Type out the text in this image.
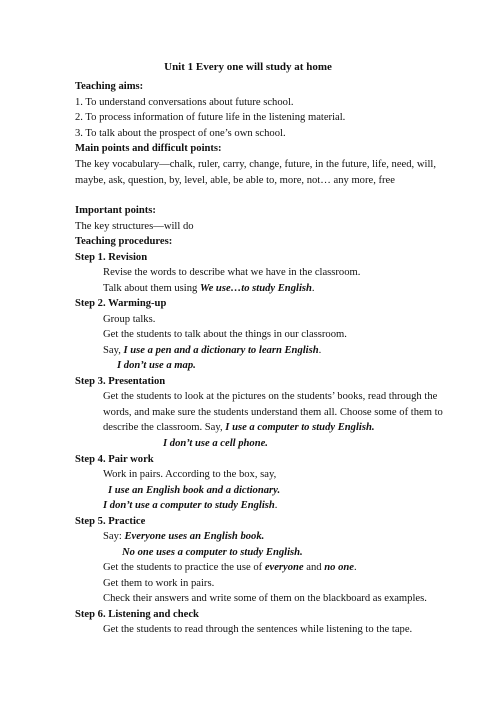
Unit 1 Every one will study at home
Teaching aims:
1. To understand conversations about future school.
2. To process information of future life in the listening material.
3. To talk about the prospect of one’s own school.
Main points and difficult points:
The key vocabulary—chalk, ruler, carry, change, future, in the future, life, need, will, maybe, ask, question, by, level, able, be able to, more, not… any more, free
Important points:
The key structures—will do
Teaching procedures:
Step 1. Revision
Revise the words to describe what we have in the classroom.
Talk about them using We use…to study English.
Step 2. Warming-up
Group talks.
Get the students to talk about the things in our classroom.
Say, I use a pen and a dictionary to learn English.
I don’t use a map.
Step 3. Presentation
Get the students to look at the pictures on the students’ books, read through the words, and make sure the students understand them all. Choose some of them to describe the classroom. Say, I use a computer to study English.
I don’t use a cell phone.
Step 4. Pair work
Work in pairs. According to the box, say,
I use an English book and a dictionary.
I don’t use a computer to study English.
Step 5. Practice
Say: Everyone uses an English book.
No one uses a computer to study English.
Get the students to practice the use of everyone and no one.
Get them to work in pairs.
Check their answers and write some of them on the blackboard as examples.
Step 6. Listening and check
Get the students to read through the sentences while listening to the tape.
